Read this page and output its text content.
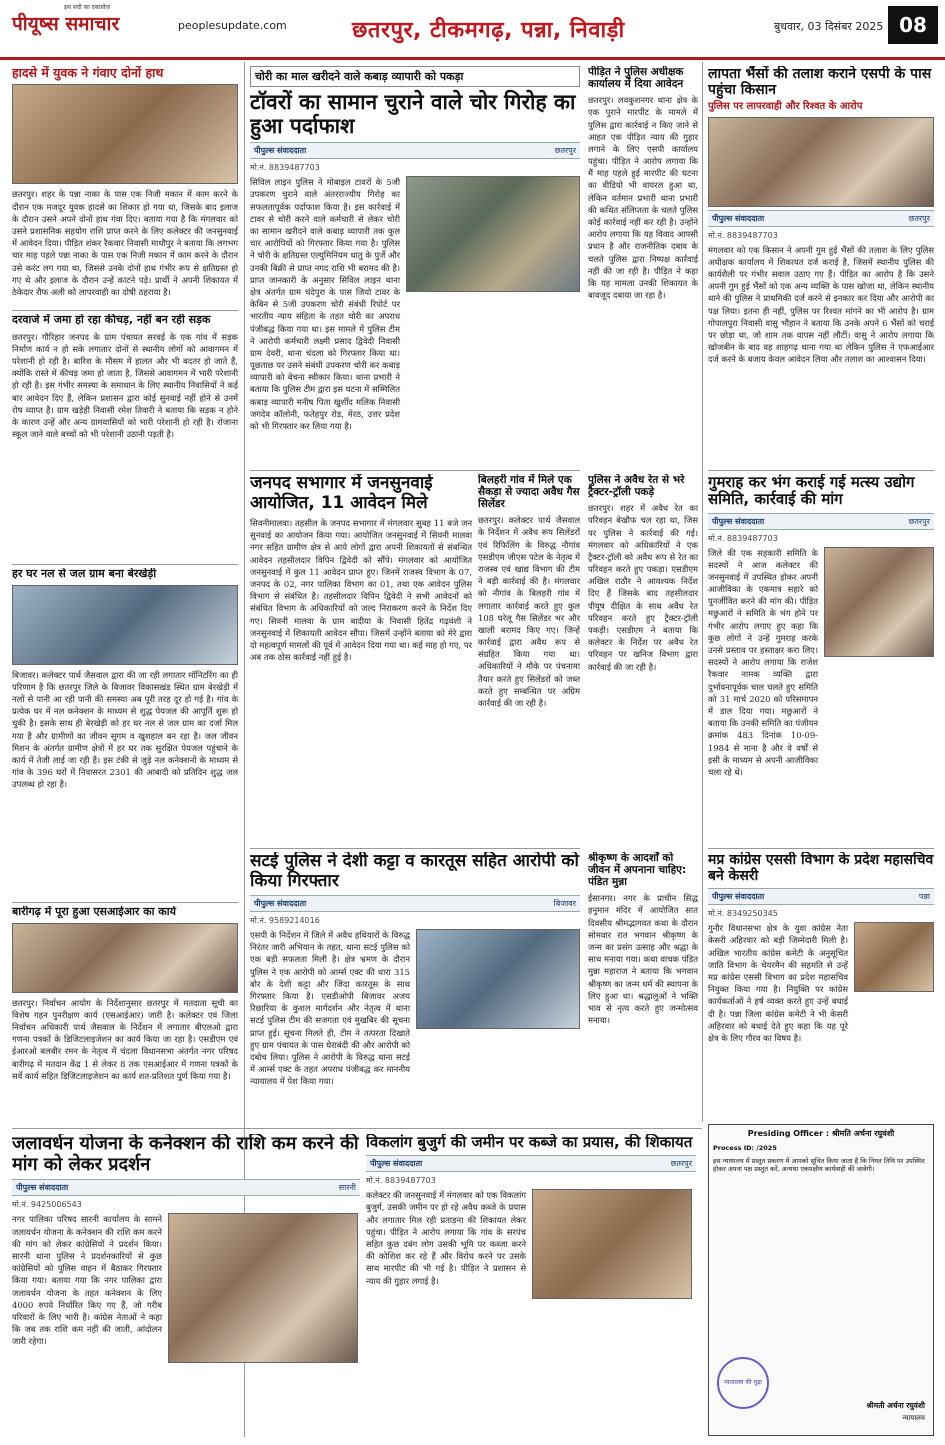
पीयूष्स समाचार
इस सदी का दस्तावेज़
peoplesupdate.com	छतरपुर, टीकमगढ़, पन्ना, निवाड़ी	बुधवार, 03 दिसंबर 2025 08
हादसे में युवक ने गंवाए दोनों हाथ
छतरपुर। शहर के पन्ना नाका के पास एक निजी मकान में काम करने के दौरान एक मजदूर युवक हादसे का शिकार हो गया था, जिसके बाद इलाज के दौरान उसने अपने दोनों हाथ गंवा दिए। बताया गया है कि मंगलवार को उसने प्रशासनिक सहयोग राशि प्राप्त करने के लिए कलेक्टर की जनसुनवाई में आवेदन दिया। पीड़ित शंकर रैकवार निवासी माधौपुर ने बताया कि लगभग चार माह पहले पन्ना नाका के पास एक निजी मकान में काम करने के दौरान उसे करंट लग गया था, जिससे उनके दोनों हाथ गंभीर रूप से क्षतिग्रस्त हो गए थे और इलाज के दौरान उन्हें काटने पड़े। प्रार्थी ने अपनी शिकायत में ठेकेदार रौफ अली को लापरवाही का दोषी ठहराया है।
दरवाजे में जमा हो रहा कीचड़, नहीं बन रही सड़क
छतरपुर। गौरिहार जनपद के ग्राम पंचायत सरवई के एक गांव में सड़क निर्माण कार्य न हो सके लगातार दोनों से स्थानीय लोगों को आवागमन में परेशानी हो रही है। बारिश के मौसम में हालत और भी बदतर हो जाते हैं, क्योंकि रास्ते में कीचड़ जमा हो जाता है, जिससे आवागमन में भारी परेशानी हो रही है। इस गंभीर समस्या के समाधान के लिए स्थानीय निवासियों ने कई बार आवेदन दिए हैं, लेकिन प्रशासन द्वारा कोई सुनवाई नहीं होने से उनमें रोष व्याप्त है। ग्राम खड़ेही निवासी रमेश तिवारी ने बताया कि सड़क न होने के कारण उन्हें और अन्य ग्रामवासियों को भारी परेशानी हो रही है। रोजाना स्कूल जाने वाले बच्चों को भी परेशानी उठानी पड़ती है।
हर घर नल से जल ग्राम बना बेरखेड़ी
बिजावर। कलेक्टर पार्थ जैसवाल द्वारा की जा रही लगातार मॉनिटरिंग का ही परिणाम है कि छतरपुर जिले के बिजावर विकासखंड स्थित ग्राम बेरखेड़ी में नलों से पानी आ रही पानी की समस्या अब पूरी तरह दूर हो गई है। गांव के प्रत्येक घर में नल कनेक्शन के माध्यम से शुद्ध पेयजल की आपूर्ति शुरू हो चुकी है। इसके साथ ही बेरखेड़ी को हर घर नल से जल ग्राम का दर्जा मिल गया है और ग्रामीणों का जीवन सुगम व खुशहाल बन रहा है। जल जीवन मिशन के अंतर्गत ग्रामीण क्षेत्रों में हर घर तक सुरक्षित पेयजल पहुंचाने के कार्य में तेजी लाई जा रही है। इस टंकी से जुड़े नल कनेक्शनों के माध्यम से गांव के 396 घरों में निवासरत 2301 की आबादी को प्रतिदिन शुद्ध जल उपलब्ध हो रहा है।
बारीगढ़ में पूरा हुआ एसआईआर का कार्य
छतरपुर। निर्वाचन आयोग के निर्देशानुसार छतरपुर में मतदाता सूची का विशेष गहन पुनरीक्षण कार्य (एसआईआर) जारी है। कलेक्टर एवं जिला निर्वाचन अधिकारी पार्थ जैसवाल के निर्देशन में लगातार बीएलओ द्वारा गणना पत्रकों के डिजिटलाइजेशन का कार्य किया जा रहा है। एसडीएम एवं ईआरओ बलबीर रमन के नेतृत्व में चंदला विधानसभा अंतर्गत नगर परिषद बारीगढ़ में मतदान केंद्र 1 से लेकर 8 तक एसआईआर में गणना पत्रकों के सर्वे कार्य सहित डिजिटलाइजेशन का कार्य शत-प्रतिशत पूर्ण किया गया है।
चोरी का माल खरीदने वाले कबाड़ व्यापारी को पकड़ा
टॉवरों का सामान चुराने वाले चोर गिरोह का हुआ पर्दाफाश
पीपुल्स संवाददाता	छतरपुर
मो.नं. 8839487703
सिविल लाइन पुलिस ने मोबाइल टावरों के 5जी उपकरण चुराने वाले अंतरराज्यीय गिरोह का सफलतापूर्वक पर्दाफाश किया है। इस कार्रवाई में टावर से चोरी करने वाले कर्मचारी से लेकर चोरी का सामान खरीदने वाले कबाड़ व्यापारी तक कुल चार आरोपियों को गिरफ्तार किया गया है। पुलिस ने चोरी के क्षतिग्रस्त एल्युमिनियम धातु के पुर्जे और उनकी बिक्री से प्राप्त नगद राशि भी बरामद की है। प्राप्त जानकारी के अनुसार सिविल लाइन थाना क्षेत्र अंतर्गत ग्राम चंदेपुरा के पास जियो टावर के केबिन से 5जी उपकरण चोरी संबंधी रिपोर्ट पर भारतीय न्याय संहिता के तहत चोरी का अपराध पंजीबद्ध किया गया था। इस मामले में पुलिस टीम ने आरोपी कर्मचारी लक्ष्मी प्रसाद द्विवेदी निवासी ग्राम देवरी, थाना चंदला को गिरफ्तार किया था। पूछताछ पर उसने संबंधी उपकरण चोरी कर कबाड़ व्यापारी को बेचना स्वीकार किया। थाना प्रभारी ने बताया कि पुलिस टीम द्वारा इस घटना में सम्मिलित कबाड़ व्यापारी मनीष पिता खुर्शीद मलिक निवासी जगदेव कॉलोनी, फतेहपुर रोड, मेरठ, उत्तर प्रदेश को भी गिरफ्तार कर लिया गया है।
जनपद सभागार में जनसुनवाई आयोजित, 11 आवेदन मिले
सिवनीमालवा। तहसील के जनपद सभागार में मंगलवार सुबह 11 बजे जन सुनवाई का आयोजन किया गया। आयोजित जनसुनवाई में सिवनी मालवा नगर सहित ग्रामीण क्षेत्र से आये लोगों द्वारा अपनी शिकायतों से संबन्धित आवेदन तहसीलदार विपिन द्विवेदी को सौंपे। मंगलवार को आयोजित जनसुनवाई में कुल 11 आवेदन प्राप्त हुए। जिनमें राजस्व विभाग के 07, जनपद के 02, नगर पालिका विभाग का 01, तथा एक आवेदन पुलिस विभाग से संबंधित है। तहसीलदार विपिन द्विवेदी ने सभी आवेदनों को संबंधित विभाग के अधिकारियों को जल्द निराकरण करने के निर्देश दिए गए। सिवनी मालवा के ग्राम बादीया के निवासी हितेंद्र गढ़वंशी ने जनसुनवाई में शिकायती आवेदन सौंपा। जिसमें उन्होंने बताया को मेरे द्वारा दो महत्वपूर्ण मामलों की पूर्व में आवेदन दिया गया था। कई माह हो गए, पर अब तक ठोस कार्रवाई नहीं हुई है।
बिलहरी गांव में मिले एक सैकड़ा से ज्यादा अवैध गैस सिलेंडर
छतरपुर। कलेक्टर पार्थ जैसवाल के निर्देशन में अवैध रूप सिलेंडरों एवं रिफिलिंग के विरुद्ध नौगांव एसडीएम जीएस पटेल के नेतृत्व में राजस्व एवं खाद्य विभाग की टीम ने बड़ी कार्रवाई की है। मंगलवार को नौगांव के बिलहरी गांव में लगातार कार्रवाई करते हुए कुल 108 घरेलू गैस सिलेंडर भर और खाली बरामद किए गए। जिन्हें कार्रवाई द्वारा अवैध रूप से संग्रहित किया गया था। अधिकारियों ने मौके पर पंचनामा तैयार करते हुए सिलेंडरों को जब्त करते हुए सम्बन्धित पर अग्रिम कार्रवाई की जा रही है।
सटई पुलिस ने देशी कट्टा व कारतूस सहित आरोपी को किया गिरफ्तार
पीपुल्स संवाददाता	बिजावर
मो.नं. 9589214016
एसपी के निर्देशन में जिले में अवैध हथियारों के विरुद्ध निरंतर जारी अभियान के तहत, थाना सटई पुलिस को एक बड़ी सफलता मिली है। क्षेत्र भ्रमण के दौरान पुलिस ने एक आरोपी को आर्म्स एक्ट की धारा 315 बोर के देशी कट्टा और जिंदा कारतूस के साथ गिरफ्तार किया है। एसडीओपी बिजावर अजय रिछारिया के कुशल मार्गदर्शन और नेतृत्व में थाना सटई पुलिस टीम की सजगता एवं मुखबिर की सूचना प्राप्त हुई। सूचना मिलते ही, टीम ने तत्परता दिखाते हुए ग्राम पंचायत के पास घेराबंदी की और आरोपी को दबोच लिया। पुलिस ने आरोपी के विरुद्ध थाना सटई में आर्म्स एक्ट के तहत अपराध पंजीबद्ध कर माननीय न्यायालय में पेश किया गया।
पीड़ित ने पुलिस अधीक्षक कार्यालय में दिया आवेदन
छतरपुर। लवकुशनगर थाना क्षेत्र के एक पुराने मारपीट के मामले में पुलिस द्वारा कार्रवाई न किए जाने से आहत एक पीड़ित न्याय की गुहार लगाने के लिए एसपी कार्यालय पहुंचा। पीड़ित ने आरोप लगाया कि मैं माह पहले हुई मारपीट की घटना का वीडियो भी वायरल हुआ था, लेकिन वर्तमान प्रभारी थाना प्रभारी की कथित संलिप्तता के चलते पुलिस कोई कार्रवाई नहीं कर रही है। उन्होंने आरोप लगाया कि यह विवाद आपसी प्रधान है और राजनीतिक दबाव के चलते पुलिस द्वारा निष्पक्ष कार्रवाई नहीं की जा रही है। पीड़ित ने कहा कि यह मामला उनकी शिकायत के बावजूद दबाया जा रहा है।
पुलिस ने अवैध रेत से भरे ट्रैक्टर-ट्रॉली पकड़े
छतरपुर। शहर में अवैध रेत का परिवहन बेखौफ चल रहा था, जिस पर पुलिस ने कार्रवाई की गई। मंगलवार को अधिकारियों ने एक ट्रैक्टर-ट्रॉली को अवैध रूप से रेत का परिवहन करते हुए पकड़ा। एसडीएम अखिल राठौर ने आवश्यक निर्देश दिए हैं जिसके बाद तहसीलदार पीयूष दीक्षित के साथ अवैध रेत परिवहन करते हुए ट्रैक्टर-ट्रॉली पकड़ी। एसडीएम ने बताया कि कलेक्टर के निर्देश पर अवैध रेत परिवहन पर खनिज विभाग द्वारा कार्रवाई की जा रही है।
श्रीकृष्ण के आदर्शों को जीवन में अपनाना चाहिए: पंडित मुन्ना
ईसानगर। नगर के प्राचीन सिद्ध हनुमान मंदिर में आयोजित सात दिवसीय श्रीमद्भागवत कथा के दौरान सोमवार रात भगवान श्रीकृष्ण के जन्म का प्रसंग उत्साह और श्रद्धा के साथ मनाया गया। कथा वाचक पंडित मुन्ना महाराज ने बताया कि भगवान श्रीकृष्ण का जन्म धर्म की स्थापना के लिए हुआ था। श्रद्धालुओं ने भक्ति भाव से नृत्य करते हुए जन्मोत्सव मनाया।
लापता भैंसों की तलाश कराने एसपी के पास पहुंचा किसान
पुलिस पर लापरवाही और रिश्वत के आरोप
पीपुल्स संवाददाता	छतरपुर
मो.नं. 8839487703
मंगलवार को एक किसान ने अपनी गुम हुई भैंसों की तलाश के लिए पुलिस अधीक्षक कार्यालय में शिकायत दर्ज कराई है, जिसमें स्थानीय पुलिस की कार्यशैली पर गंभीर सवाल उठाए गए हैं। पीड़ित का आरोप है कि उसने अपनी गुम हुई भैंसों को एक अन्य व्यक्ति के पास खोजा था, लेकिन स्थानीय थाने की पुलिस ने प्राथमिकी दर्ज करने से इनकार कर दिया और आरोपी का पक्ष लिया। इतना ही नहीं, पुलिस पर रिश्वत मांगने का भी आरोप है। ग्राम गोपालपुरा निवासी वासु भौहान ने बताया कि उनके अपने 6 भैंसों को चराई पर छोड़ा था, जो शाम तक वापस नहीं लौटीं। वासु ने आरोप लगाया कि खोजबीन के बाद वह शाहगढ़ थाना गया था लेकिन पुलिस ने एफआईआर दर्ज करने के बजाय केवल आवेदन लिया और तलाश का आश्वासन दिया।
गुमराह कर भंग कराई गई मत्स्य उद्योग समिति, कार्रवाई की मांग
पीपुल्स संवाददाता	छतरपुर
मो.नं. 8839487703
जिले की एक सहकारी समिति के सदस्यों ने आज कलेक्टर की जनसुनवाई में उपस्थित होकर अपनी आजीविका के एकमात्र सहारे को पुनर्जीवित करने की मांग की। पीड़ित मछुआरों ने समिति के भंग होने पर गंभीर आरोप लगाए हुए कहा कि कुछ लोगों ने उन्हें गुमराह करके उनसे प्रस्ताव पर हस्ताक्षर करा लिए। सदस्यों ने आरोप लगाया कि राजेश रैकवार नामक व्यक्ति द्वारा दुर्भावनापूर्वक चाल चलते हुए समिति को 31 मार्च 2020 को परिसमापन में डाल दिया गया। मछुआरों ने बताया कि उनकी समिति का पंजीयन क्रमांक 483 दिनांक 10-09-1984 से माना है और वे वर्षों से इसी के माध्यम से अपनी आजीविका चला रहे थे।
मप्र कांग्रेस एससी विभाग के प्रदेश महासचिव बने केसरी
पीपुल्स संवाददाता	पन्ना
मो.नं. 8349250345
गुनौर विधानसभा क्षेत्र के युवा कांग्रेस नेता केसरी अहिरवार को बड़ी जिम्मेदारी मिली है। अखिल भारतीय कांग्रेस कमेटी के अनुसूचित जाति विभाग के चेयरमैन की सहमति से उन्हें मप्र कांग्रेस एससी विभाग का प्रदेश महासचिव नियुक्त किया गया है। नियुक्ति पर कांग्रेस कार्यकर्ताओं ने हर्ष व्यक्त करते हुए उन्हें बधाई दी है। पन्ना जिला कांग्रेस कमेटी ने भी केसरी अहिरवार को बधाई देते हुए कहा कि यह पूरे क्षेत्र के लिए गौरव का विषय है।
जलावर्धन योजना के कनेक्शन की राशि कम करने की मांग को लेकर प्रदर्शन
पीपुल्स संवाददाता	सारनी
मो.नं. 9425006543
नगर पालिका परिषद सारनी कार्यालय के सामने जलावर्धन योजना के कनेक्शन की राशि कम करने की मांग को लेकर कांग्रेसियों ने प्रदर्शन किया। सारनी थाना पुलिस ने प्रदर्शनकारियों से कुछ कांग्रेसियों को पुलिस वाहन में बैठाकर गिरफ्तार किया गया। बताया गया कि नगर पालिका द्वारा जलावर्धन योजना के तहत कनेक्शन के लिए 4000 रुपये निर्धारित किए गए हैं, जो गरीब परिवारों के लिए भारी है। कांग्रेस नेताओं ने कहा कि जब तक राशि कम नहीं की जाती, आंदोलन जारी रहेगा।
विकलांग बुजुर्ग की जमीन पर कब्जे का प्रयास, की शिकायत
पीपुल्स संवाददाता	छतरपुर
मो.नं. 8839487703
कलेक्टर की जनसुनवाई में मंगलवार को एक विकलांग बुजुर्ग, उसकी जमीन पर हो रहे अवैध कब्जे के प्रयास और लगातार मिल रही प्रताड़ना की शिकायत लेकर पहुंचा। पीड़ित ने आरोप लगाया कि गांव के सरपंच सहित कुछ दबंग लोग उसकी भूमि पर कब्जा करने की कोशिश कर रहे हैं और विरोध करने पर उसके साथ मारपीट की भी गई है। पीड़ित ने प्रशासन से न्याय की गुहार लगाई है।
Presiding Officer : श्रीमति अर्चना रघुवंशी
Process ID: /2025
इस न्यायालय में प्रस्तुत प्रकरण में आपको सूचित किया जाता है कि नियत तिथि पर उपस्थित होकर अपना पक्ष प्रस्तुत करें, अन्यथा एकपक्षीय कार्यवाही की जावेगी।
न्यायालय की मुद्रा
श्रीमती अर्चना रघुवंशी
न्यायालय
